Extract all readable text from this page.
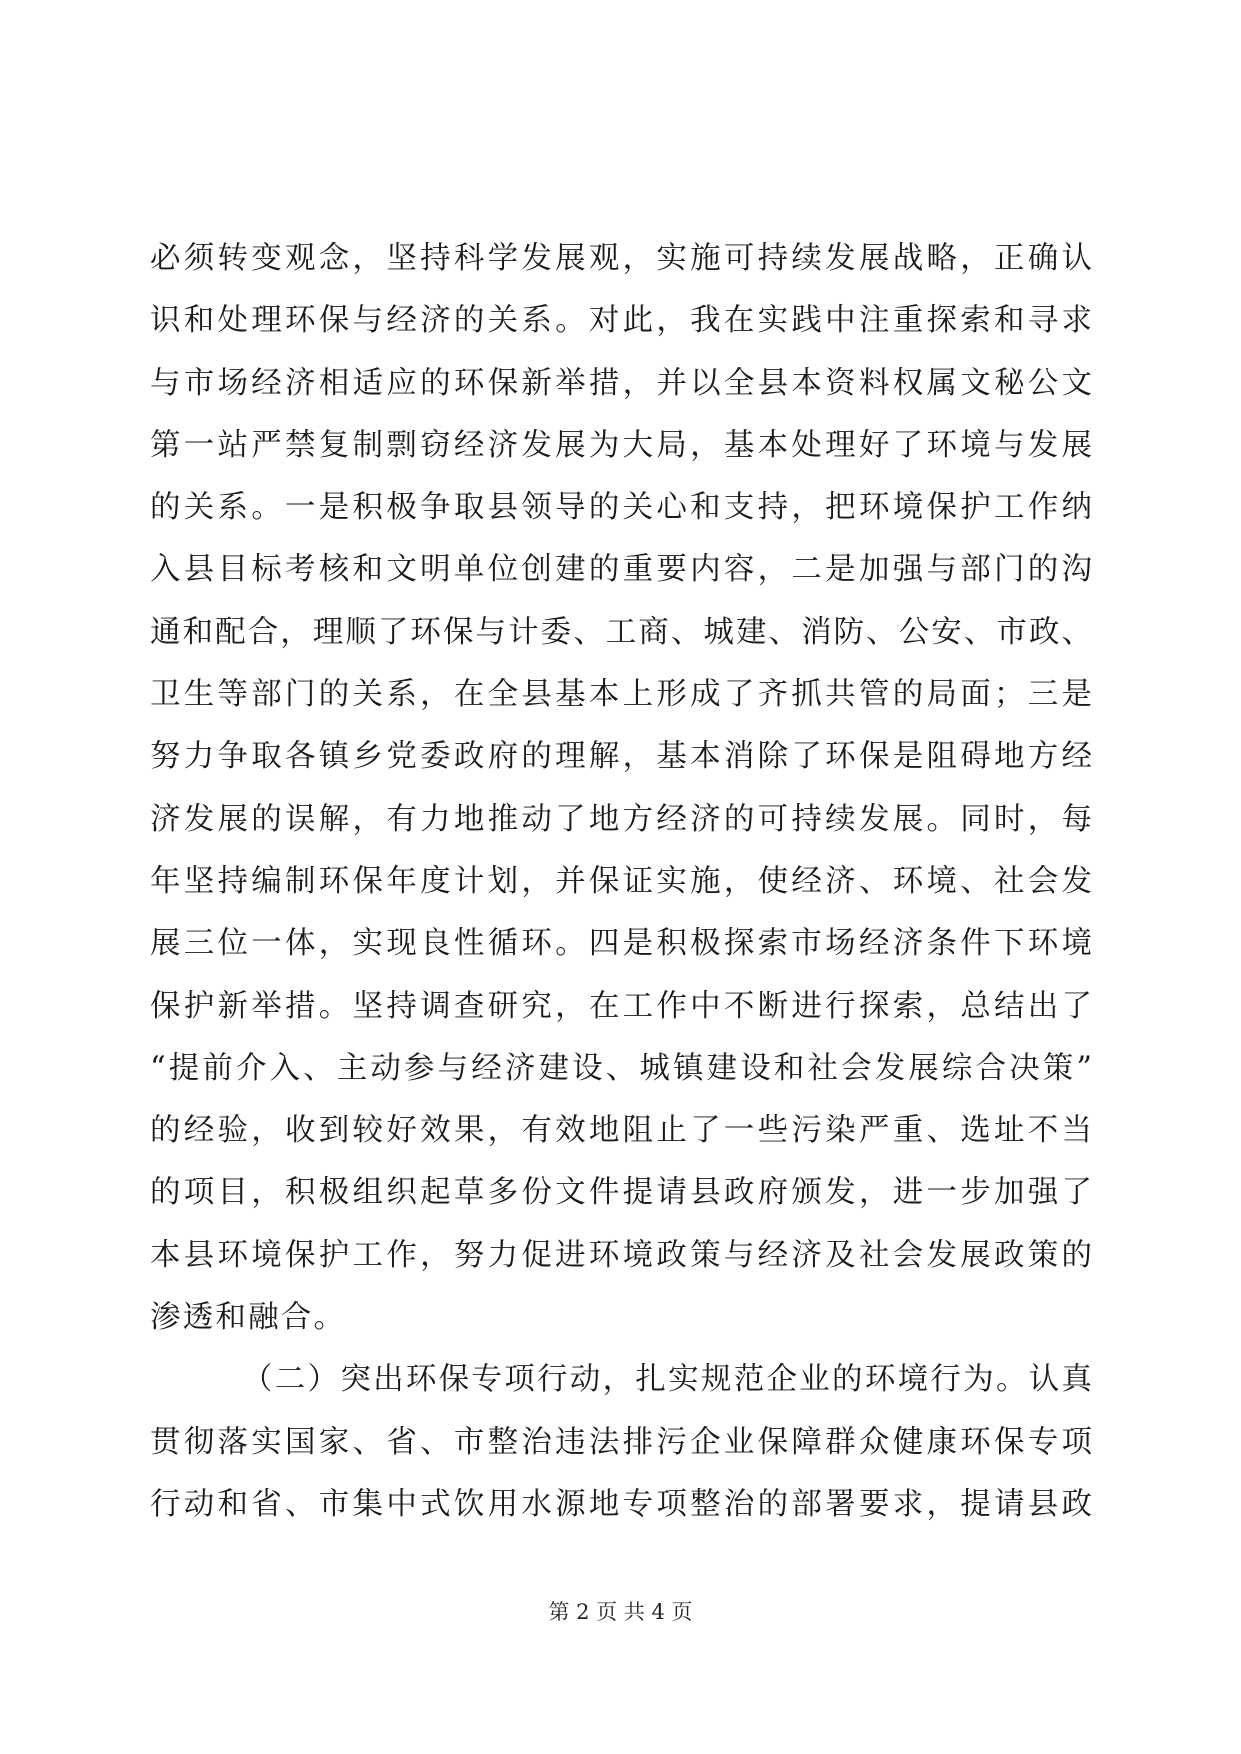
必须转变观念，坚持科学发展观，实施可持续发展战略，正确认
识和处理环保与经济的关系。对此，我在实践中注重探索和寻求
与市场经济相适应的环保新举措，并以全县本资料权属文秘公文
第一站严禁复制剽窃经济发展为大局，基本处理好了环境与发展
的关系。一是积极争取县领导的关心和支持，把环境保护工作纳
入县目标考核和文明单位创建的重要内容，二是加强与部门的沟
通和配合，理顺了环保与计委、工商、城建、消防、公安、市政、
卫生等部门的关系，在全县基本上形成了齐抓共管的局面；三是
努力争取各镇乡党委政府的理解，基本消除了环保是阻碍地方经
济发展的误解，有力地推动了地方经济的可持续发展。同时，每
年坚持编制环保年度计划，并保证实施，使经济、环境、社会发
展三位一体，实现良性循环。四是积极探索市场经济条件下环境
保护新举措。坚持调查研究，在工作中不断进行探索，总结出了
“提前介入、主动参与经济建设、城镇建设和社会发展综合决策”
的经验，收到较好效果，有效地阻止了一些污染严重、选址不当
的项目，积极组织起草多份文件提请县政府颁发，进一步加强了
本县环境保护工作，努力促进环境政策与经济及社会发展政策的
渗透和融合。
（二）突出环保专项行动，扎实规范企业的环境行为。认真
贯彻落实国家、省、市整治违法排污企业保障群众健康环保专项
行动和省、市集中式饮用水源地专项整治的部署要求，提请县政
第 2 页 共 4 页
